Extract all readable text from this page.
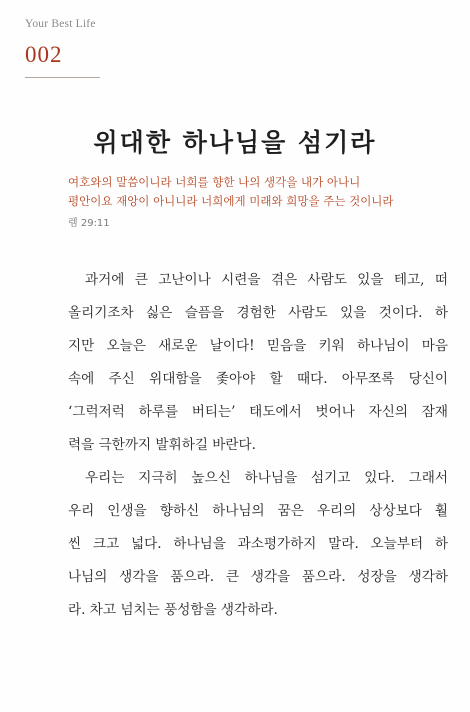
Your Best Life
002
위대한 하나님을 섬기라
여호와의 말씀이니라 너희를 향한 나의 생각을 내가 아나니
평안이요 재앙이 아니니라 너희에게 미래와 희망을 주는 것이니라
렘 29:11
과거에 큰 고난이나 시련을 겪은 사람도 있을 테고, 떠
올리기조차 싫은 슬픔을 경험한 사람도 있을 것이다. 하
지만 오늘은 새로운 날이다! 믿음을 키워 하나님이 마음
속에 주신 위대함을 좇아야 할 때다. 아무쪼록 당신이
‘그럭저럭 하루를 버티는’ 태도에서 벗어나 자신의 잠재
력을 극한까지 발휘하길 바란다.
우리는 지극히 높으신 하나님을 섬기고 있다. 그래서
우리 인생을 향하신 하나님의 꿈은 우리의 상상보다 훨
씬 크고 넓다. 하나님을 과소평가하지 말라. 오늘부터 하
나님의 생각을 품으라. 큰 생각을 품으라. 성장을 생각하
라. 차고 넘치는 풍성함을 생각하라.
